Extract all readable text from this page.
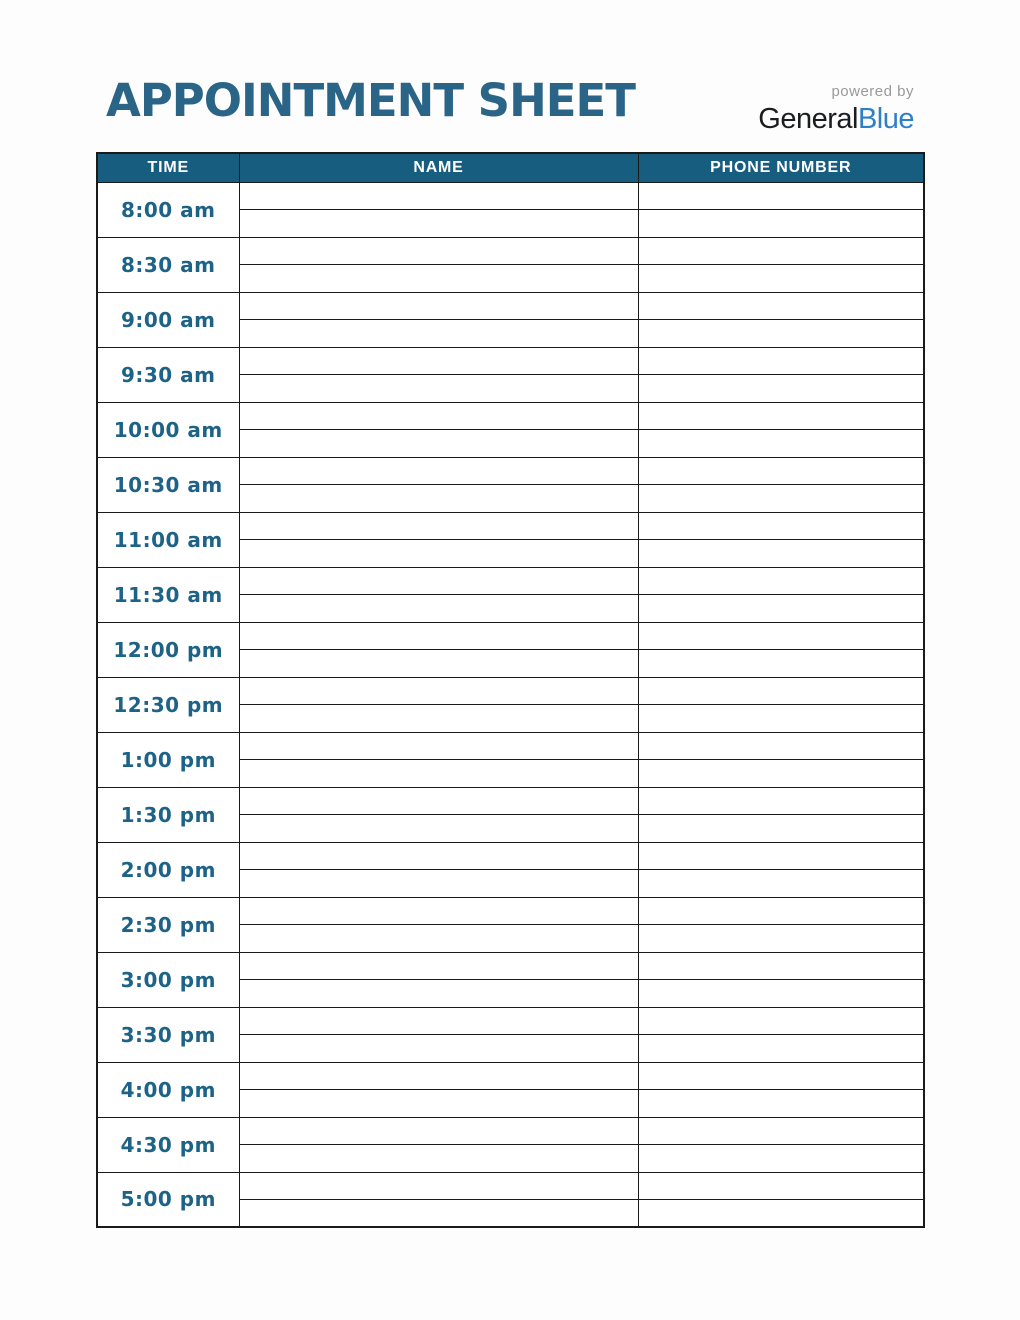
APPOINTMENT SHEET	powered by
GeneralBlue
TIME	NAME	PHONE NUMBER
8:00 am		

8:30 am		

9:00 am		

9:30 am		

10:00 am		

10:30 am		

11:00 am		

11:30 am		

12:00 pm		

12:30 pm		

1:00 pm		

1:30 pm		

2:00 pm		

2:30 pm		

3:00 pm		

3:30 pm		

4:00 pm		

4:30 pm		

5:00 pm		
